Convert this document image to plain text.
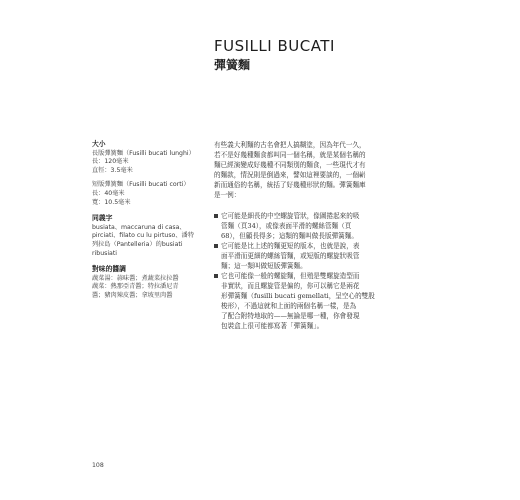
FUSILLI BUCATI
彈簧麵
大小
長版彈簧麵（Fusilli bucati lunghi）
長：120毫米
直徑：3.5毫米
短版彈簧麵（Fusilli bucati corti）
長：40毫米
寬：10.5毫米
同義字
busiata、maccaruna di casa、
pirciati、filato cu lu pirtuso、潘特
列拉島（Pantelleria）的busiati
ribusiati
對味的醬調
蔬菜湯：蒜味醬；煮蔬菜拉拉醬
蔬菜：熱那亞青醬；特拉潘尼青
醬；豬肉辣皮醬；拿坡里肉醬
有些義大利麵的古名會把人搞糊塗，因為年代一久，
若不是好幾種麵食都叫同一個名稱，就是某個名稱的
麵已經演變成好幾種不同類別的麵食，一些現代才有
的麵款，情況則是倒過來，譬如這裡要談的，一個嶄
新而通俗的名稱，統括了好幾種形狀的麵。彈簧麵庫
是一例：
它可能是細長的中空螺旋管狀，像圖捲起來的吸
管麵（頁34），或像表面平滑的螺絲管麵（頁
68），但顧長得多；這類的麵叫做長版彈簧麵。
它可能是比上述的麵更短的版本，也就是說，表
面平滑而更細的螺絲管麵，或短版的螺旋狀吸管
麵；這一類叫做短版彈簧麵。
它也可能像一般的螺旋麵，但殖是雙螺旋造型而
非實狀，而且螺旋管是偏的，你可以稱它是兩花
形彈簧麵（fusilli bucati gemellati，呈空心的雙股
梭形），不過這就和上面的兩個名稱一樣，是為
了配合附特地取的——無論是哪一種，你會發現
包裝盒上很可能都寫著「彈簧麵」。
108
